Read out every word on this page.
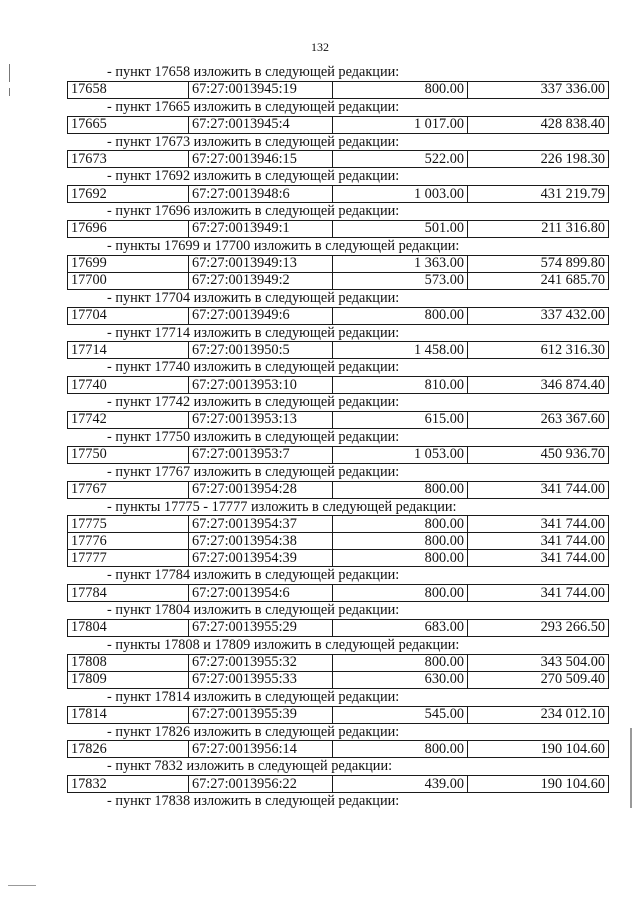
132
- пункт 17658 изложить в следующей редакции:
17658	67:27:0013945:19	800.00	337 336.00
- пункт 17665 изложить в следующей редакции:
17665	67:27:0013945:4	1 017.00	428 838.40
- пункт 17673 изложить в следующей редакции:
17673	67:27:0013946:15	522.00	226 198.30
- пункт 17692 изложить в следующей редакции:
17692	67:27:0013948:6	1 003.00	431 219.79
- пункт 17696 изложить в следующей редакции:
17696	67:27:0013949:1	501.00	211 316.80
- пункты 17699 и 17700 изложить в следующей редакции:
17699	67:27:0013949:13	1 363.00	574 899.80
17700	67:27:0013949:2	573.00	241 685.70
- пункт 17704 изложить в следующей редакции:
17704	67:27:0013949:6	800.00	337 432.00
- пункт 17714 изложить в следующей редакции:
17714	67:27:0013950:5	1 458.00	612 316.30
- пункт 17740 изложить в следующей редакции:
17740	67:27:0013953:10	810.00	346 874.40
- пункт 17742 изложить в следующей редакции:
17742	67:27:0013953:13	615.00	263 367.60
- пункт 17750 изложить в следующей редакции:
17750	67:27:0013953:7	1 053.00	450 936.70
- пункт 17767 изложить в следующей редакции:
17767	67:27:0013954:28	800.00	341 744.00
- пункты 17775 - 17777 изложить в следующей редакции:
17775	67:27:0013954:37	800.00	341 744.00
17776	67:27:0013954:38	800.00	341 744.00
17777	67:27:0013954:39	800.00	341 744.00
- пункт 17784 изложить в следующей редакции:
17784	67:27:0013954:6	800.00	341 744.00
- пункт 17804 изложить в следующей редакции:
17804	67:27:0013955:29	683.00	293 266.50
- пункты 17808 и 17809 изложить в следующей редакции:
17808	67:27:0013955:32	800.00	343 504.00
17809	67:27:0013955:33	630.00	270 509.40
- пункт 17814 изложить в следующей редакции:
17814	67:27:0013955:39	545.00	234 012.10
- пункт 17826 изложить в следующей редакции:
17826	67:27:0013956:14	800.00	190 104.60
- пункт 7832 изложить в следующей редакции:
17832	67:27:0013956:22	439.00	190 104.60
- пункт 17838 изложить в следующей редакции:
